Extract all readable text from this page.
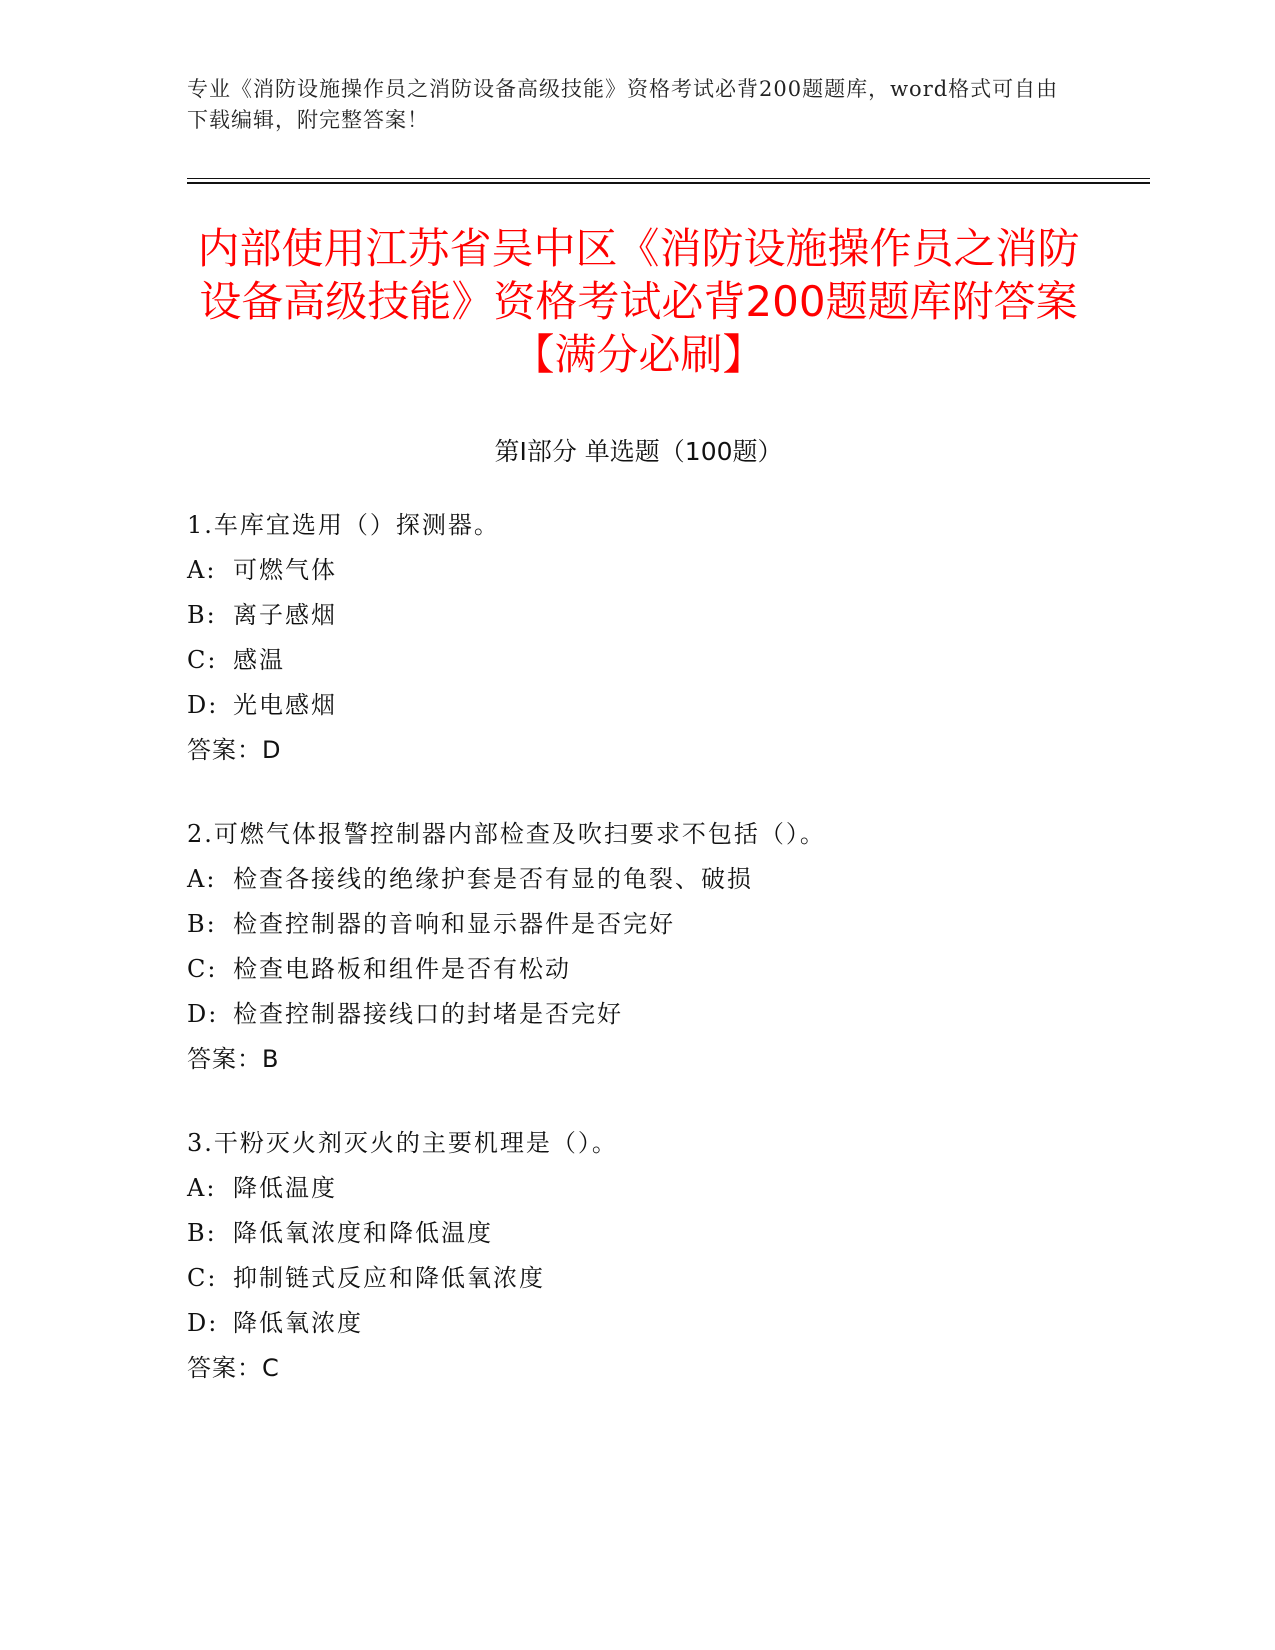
专业《消防设施操作员之消防设备高级技能》资格考试必背200题题库，word格式可自由下载编辑，附完整答案！
内部使用江苏省吴中区《消防设施操作员之消防设备高级技能》资格考试必背200题题库附答案【满分必刷】
第Ⅰ部分 单选题（100题）
1.车库宜选用（）探测器。
A: 可燃气体
B: 离子感烟
C: 感温
D: 光电感烟
答案：D
2.可燃气体报警控制器内部检查及吹扫要求不包括（）。
A: 检查各接线的绝缘护套是否有显的龟裂、破损
B: 检查控制器的音响和显示器件是否完好
C: 检查电路板和组件是否有松动
D: 检查控制器接线口的封堵是否完好
答案：B
3.干粉灭火剂灭火的主要机理是（）。
A: 降低温度
B: 降低氧浓度和降低温度
C: 抑制链式反应和降低氧浓度
D: 降低氧浓度
答案：C
